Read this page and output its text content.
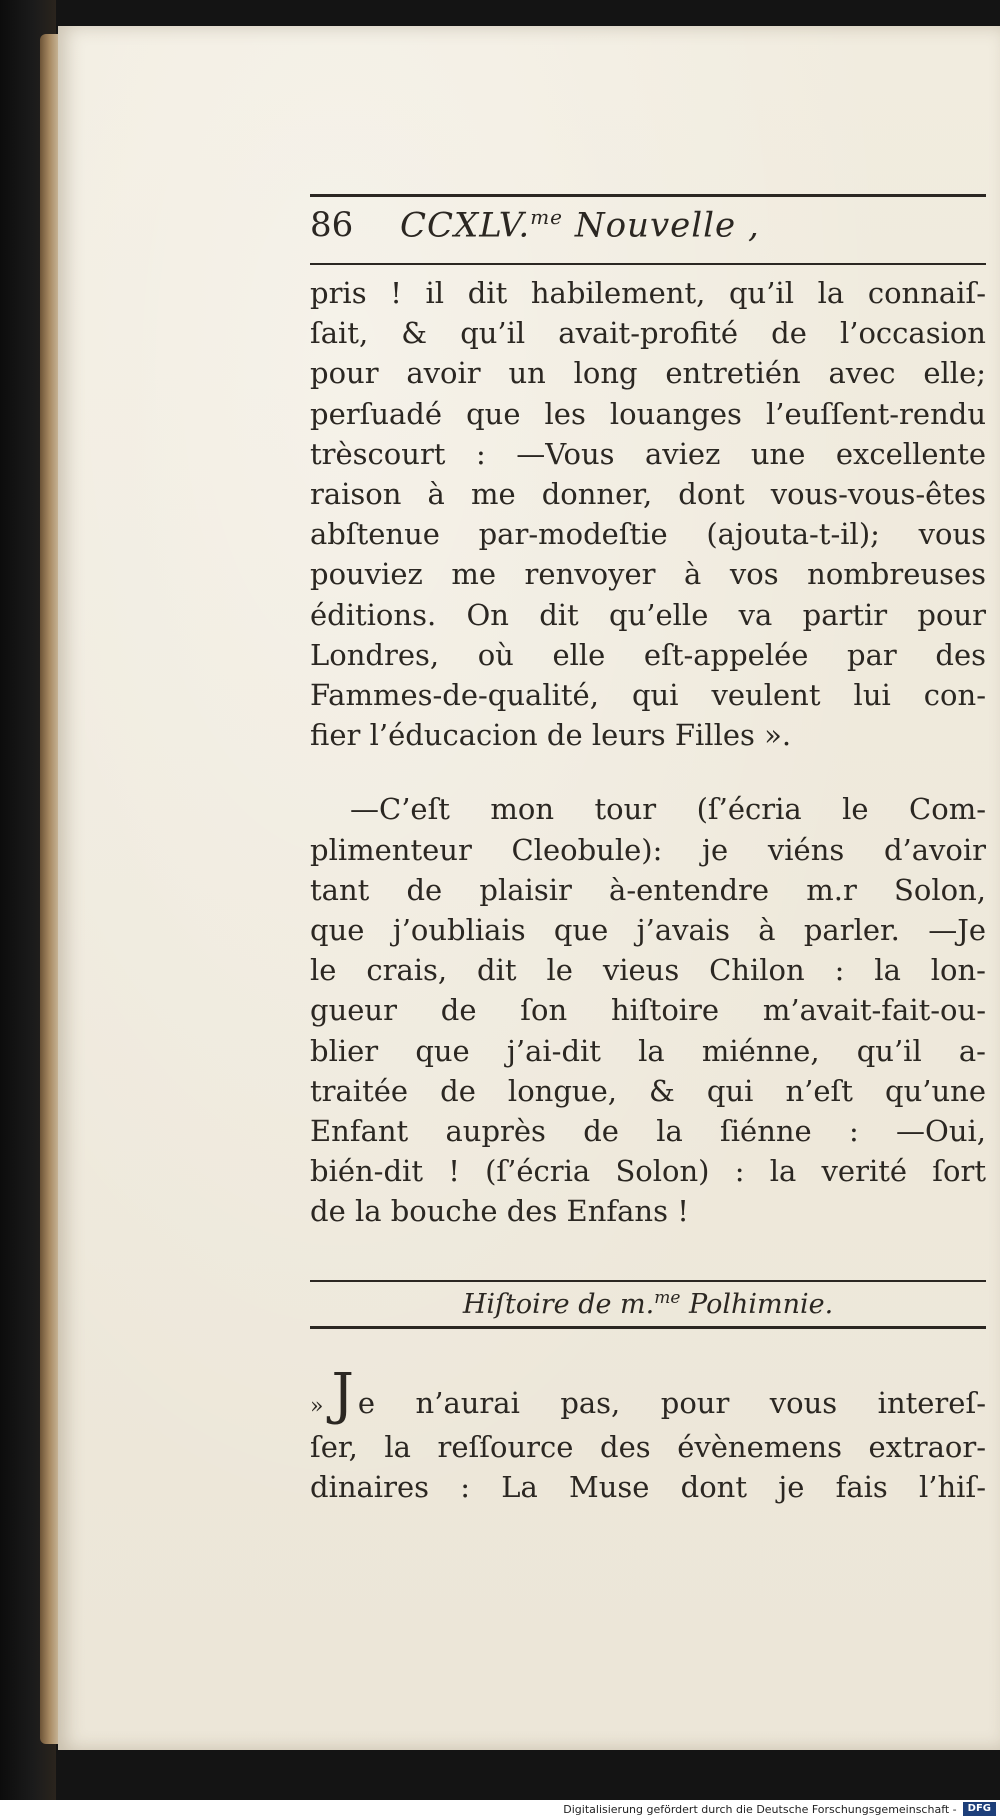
86	CCXLV.$^{me}$ Nouvelle ,

pris ! il dit habilement, qu’il la connaiſ-

ſait, & qu’il avait-profité de l’occasion

pour avoir un long entretién avec elle;

perſuadé que les louanges l’euſſent-rendu

trèscourt : —Vous aviez une excellente

raison à me donner, dont vous-vous-êtes

abſtenue par-modeſtie (ajouta-t-il); vous

pouviez me renvoyer à vos nombreuses

éditions. On dit qu’elle va partir pour

Londres, où elle eſt-appelée par des

Fammes-de-qualité, qui veulent lui con-

fier l’éducacion de leurs Filles ».

—C’eſt mon tour (ſ’écria le Com-

plimenteur Cleobule): je viéns d’avoir

tant de plaisir à-entendre m.r Solon,

que j’oubliais que j’avais à parler. —Je

le crais, dit le vieus Chilon : la lon-

gueur de ſon hiſtoire m’avait-fait-ou-

blier que j’ai-dit la miénne, qu’il a-

traitée de longue, & qui n’eſt qu’une

Enfant auprès de la ſiénne : —Oui,

bién-dit ! (ſ’écria Solon) : la verité ſort

de la bouche des Enfans !

Hiſtoire de m.$^{me}$ Polhimnie.

» J e n’aurai pas, pour vous intereſ-

ſer, la reſſource des évènemens extraor-

dinaires : La Muse dont je fais l’hiſ-

Digitalisierung gefördert durch die Deutsche Forschungsgemeinschaft -	DFG
